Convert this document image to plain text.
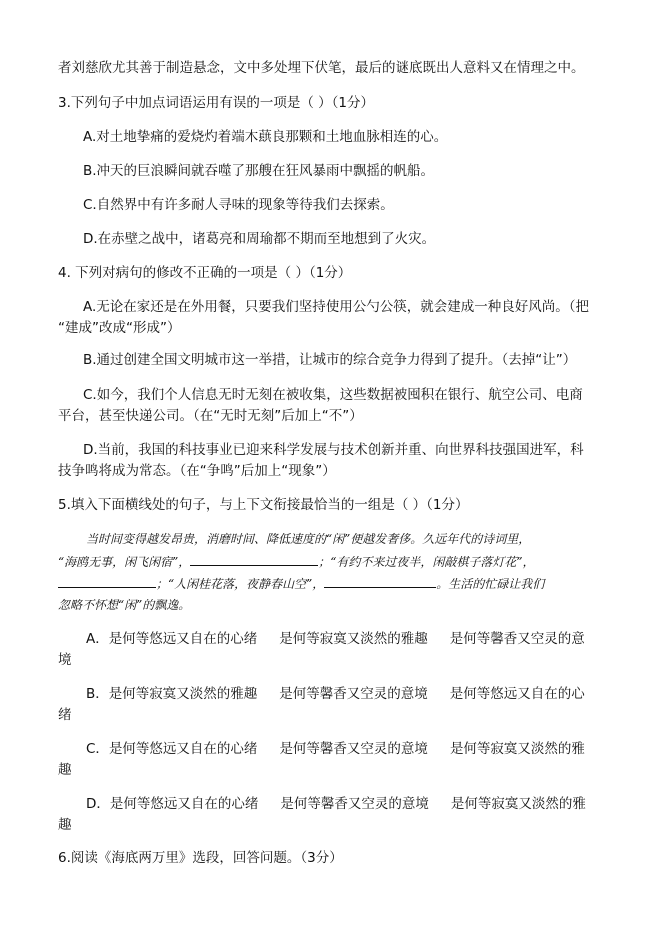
者刘慈欣尤其善于制造悬念，文中多处埋下伏笔，最后的谜底既出人意料又在情理之中。
3.下列句子中加点词语运用有误的一项是（ ）（1分）
A.对土地挚痛的爱烧灼着端木蕻良那颗和土地血脉相连的心。
B.冲天的巨浪瞬间就吞噬了那艘在狂风暴雨中飘摇的帆船。
C.自然界中有许多耐人寻味的现象等待我们去探索。
D.在赤壁之战中，诸葛亮和周瑜都不期而至地想到了火灾。
4. 下列对病句的修改不正确的一项是（ ）（1分）
A.无论在家还是在外用餐，只要我们坚持使用公勺公筷，就会建成一种良好风尚。（把
“建成”改成“形成”）
B.通过创建全国文明城市这一举措，让城市的综合竞争力得到了提升。（去掉“让”）
C.如今，我们个人信息无时无刻在被收集，这些数据被囤积在银行、航空公司、电商
平台，甚至快递公司。（在“无时无刻”后加上“不”）
D.当前，我国的科技事业已迎来科学发展与技术创新并重、向世界科技强国进军，科
技争鸣将成为常态。（在“争鸣”后加上“现象”）
5.填入下面横线处的句子，与上下文衔接最恰当的一组是（ ）（1分）
当时间变得越发昂贵，消磨时间、降低速度的“闲”便越发奢侈。久远年代的诗词里，
“海鸥无事，闲飞闲宿”，	；“有约不来过夜半，闲敲棋子落灯花”，
；“人闲桂花落，夜静春山空”，	。生活的忙碌让我们
忽略不怀想“闲”的飘逸。
A．是何等悠远又自在的心绪 是何等寂寞又淡然的雅趣 是何等馨香又空灵的意
境
B．是何等寂寞又淡然的雅趣 是何等馨香又空灵的意境 是何等悠远又自在的心
绪
C．是何等悠远又自在的心绪 是何等馨香又空灵的意境 是何等寂寞又淡然的雅
趣
D．是何等悠远又自在的心绪 是何等馨香又空灵的意境 是何等寂寞又淡然的雅
趣
6.阅读《海底两万里》选段，回答问题。（3分）
